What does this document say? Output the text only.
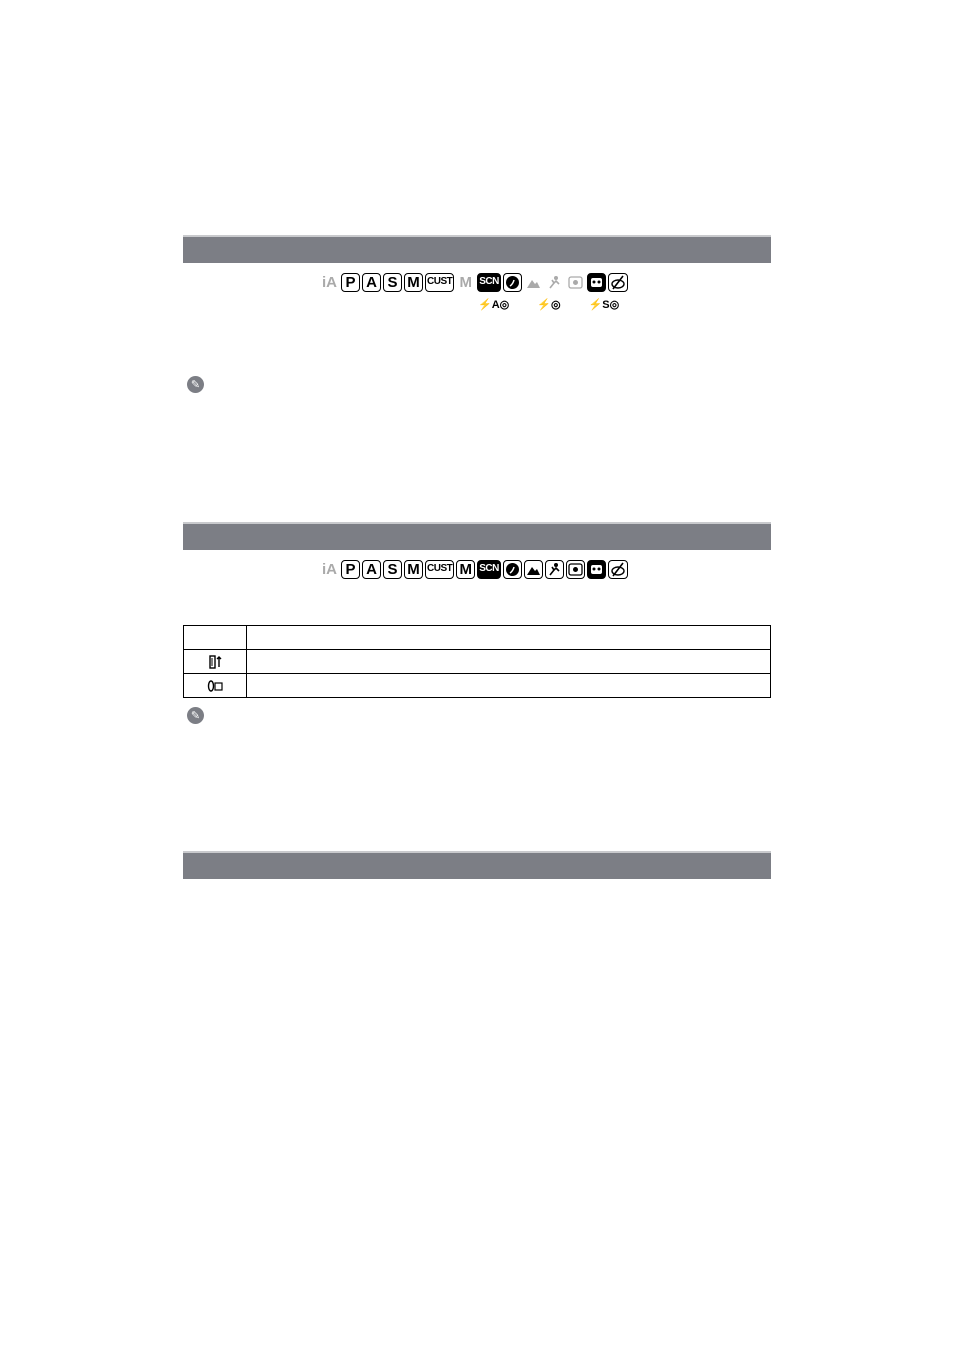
iA P A S M CUST M SCN
⚡A◎	⚡◎	⚡S◎
✎
iA P A S M CUST M SCN

✎
